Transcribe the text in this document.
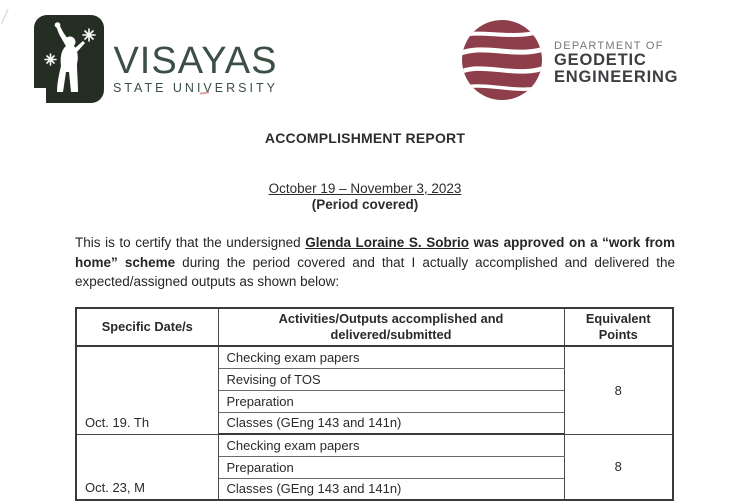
VISAYAS
STATE UNIVERSITY
DEPARTMENT OF
GEODETIC
ENGINEERING
ACCOMPLISHMENT REPORT
October 19 – November 3, 2023
(Period covered)

This is to certify that the undersigned Glenda Loraine S. Sobrio was approved on a “work from home” scheme during the period covered and that I actually accomplished and delivered the expected/assigned outputs as shown below:

Specific Date/s	Activities/Outputs accomplished and delivered/submitted	Equivalent Points
Oct. 19. Th	Checking exam papers	8
	Revising of TOS	
	Preparation	
	Classes (GEng 143 and 141n)	
Oct. 23, M	Checking exam papers	8
	Preparation	
	Classes (GEng 143 and 141n)	
